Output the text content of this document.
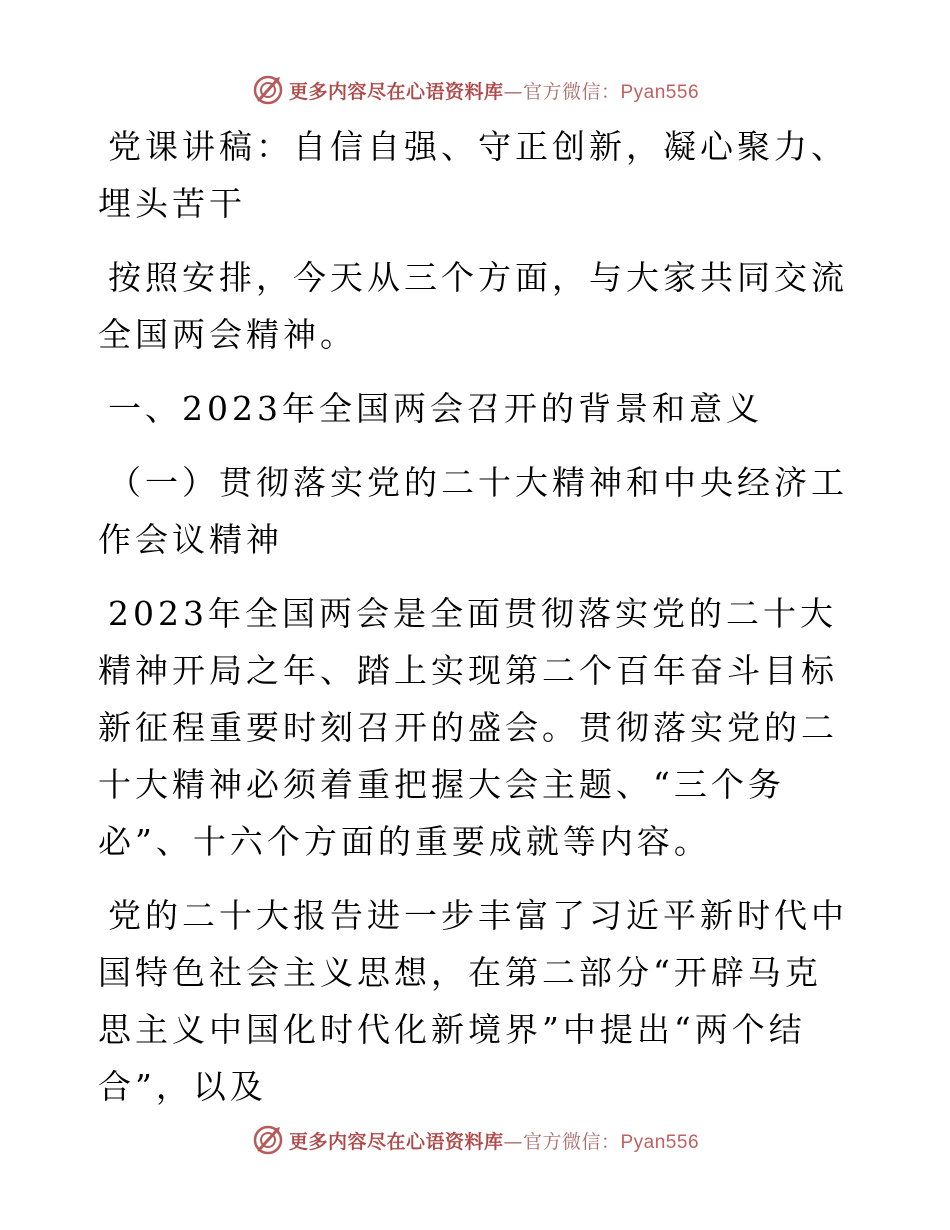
更多内容尽在心语资料库—官方微信：Pyan556

党课讲稿：自信自强、守正创新，凝心聚力、埋头苦干

按照安排，今天从三个方面，与大家共同交流全国两会精神。

一、2023年全国两会召开的背景和意义

（一）贯彻落实党的二十大精神和中央经济工作会议精神

2023年全国两会是全面贯彻落实党的二十大精神开局之年、踏上实现第二个百年奋斗目标新征程重要时刻召开的盛会。贯彻落实党的二十大精神必须着重把握大会主题、“三个务必”、十六个方面的重要成就等内容。

党的二十大报告进一步丰富了习近平新时代中国特色社会主义思想，在第二部分“开辟马克思主义中国化时代化新境界”中提出“两个结合”，以及

更多内容尽在心语资料库—官方微信：Pyan556
